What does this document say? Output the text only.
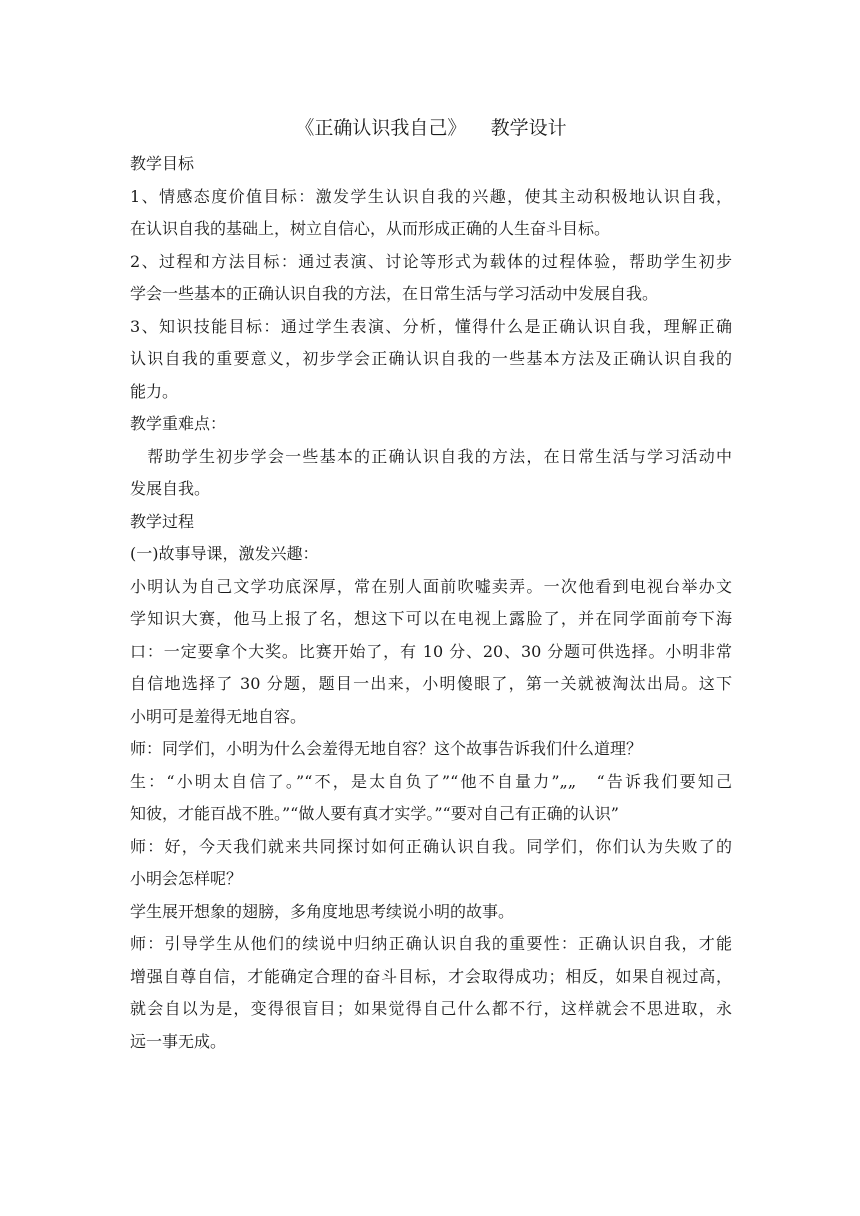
《正确认识我自己》    教学设计

教学目标

1、情感态度价值目标：激发学生认识自我的兴趣，使其主动积极地认识自我，

在认识自我的基础上，树立自信心，从而形成正确的人生奋斗目标。

2、过程和方法目标：通过表演、讨论等形式为载体的过程体验，帮助学生初步

学会一些基本的正确认识自我的方法，在日常生活与学习活动中发展自我。

3、知识技能目标：通过学生表演、分析，懂得什么是正确认识自我，理解正确

认识自我的重要意义，初步学会正确认识自我的一些基本方法及正确认识自我的

能力。

教学重难点：

　帮助学生初步学会一些基本的正确认识自我的方法，在日常生活与学习活动中

发展自我。

教学过程

(一)故事导课，激发兴趣：

小明认为自己文学功底深厚，常在别人面前吹嘘卖弄。一次他看到电视台举办文

学知识大赛，他马上报了名，想这下可以在电视上露脸了，并在同学面前夸下海

口：一定要拿个大奖。比赛开始了，有 10 分、20、30 分题可供选择。小明非常

自信地选择了 30 分题，题目一出来，小明傻眼了，第一关就被淘汰出局。这下

小明可是羞得无地自容。

师：同学们，小明为什么会羞得无地自容？这个故事告诉我们什么道理？

生：“小明太自信了。”“不，是太自负了”“他不自量力”„„　“告诉我们要知己

知彼，才能百战不胜。”“做人要有真才实学。”“要对自己有正确的认识”

师：好，今天我们就来共同探讨如何正确认识自我。同学们，你们认为失败了的

小明会怎样呢？

学生展开想象的翅膀，多角度地思考续说小明的故事。

师：引导学生从他们的续说中归纳正确认识自我的重要性：正确认识自我，才能

增强自尊自信，才能确定合理的奋斗目标，才会取得成功；相反，如果自视过高，

就会自以为是，变得很盲目；如果觉得自己什么都不行，这样就会不思进取，永

远一事无成。
